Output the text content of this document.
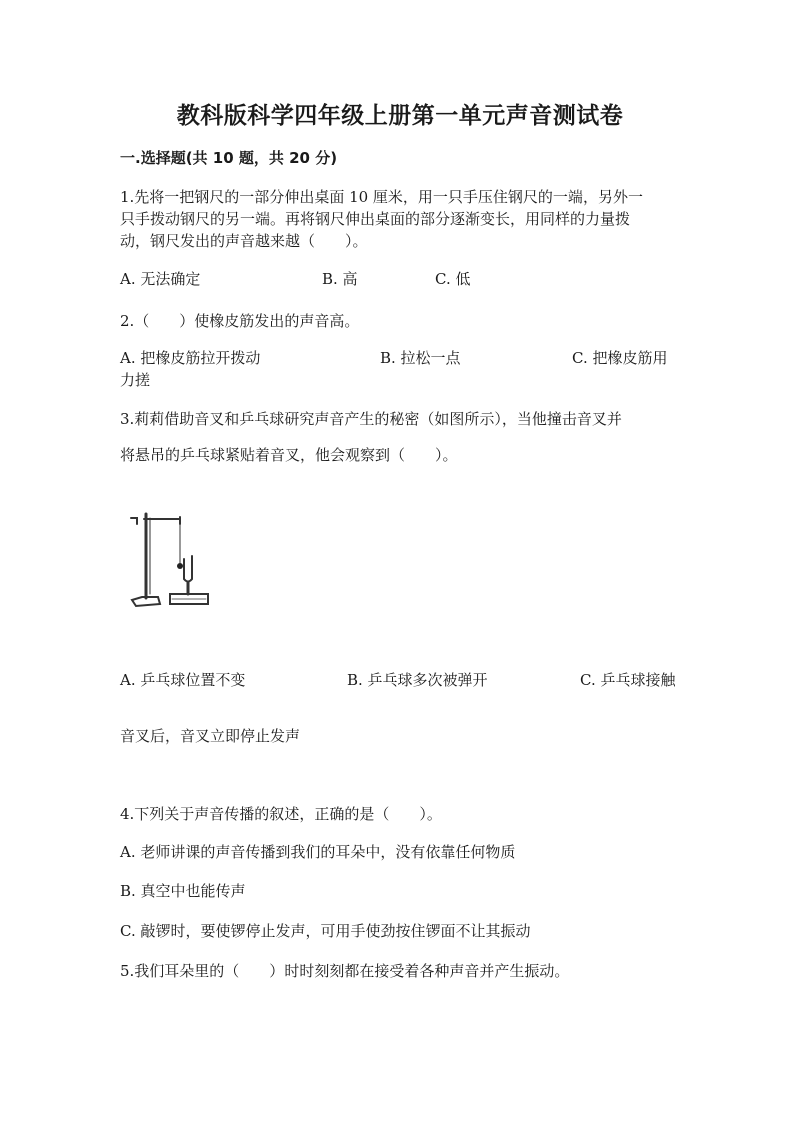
教科版科学四年级上册第一单元声音测试卷
一.选择题(共 10 题，共 20 分)
1.先将一把钢尺的一部分伸出桌面 10 厘米，用一只手压住钢尺的一端，另外一
只手拨动钢尺的另一端。再将钢尺伸出桌面的部分逐渐变长，用同样的力量拨
动，钢尺发出的声音越来越（　　）。
A. 无法确定	B. 高	C. 低
2.（　　）使橡皮筋发出的声音高。
A. 把橡皮筋拉开拨动	B. 拉松一点	C. 把橡皮筋用
力搓
3.莉莉借助音叉和乒乓球研究声音产生的秘密（如图所示），当他撞击音叉并
将悬吊的乒乓球紧贴着音叉，他会观察到（　　）。
A. 乒乓球位置不变	B. 乒乓球多次被弹开	C. 乒乓球接触
音叉后，音叉立即停止发声
4.下列关于声音传播的叙述，正确的是（　　）。
A. 老师讲课的声音传播到我们的耳朵中，没有依靠任何物质
B. 真空中也能传声
C. 敲锣时，要使锣停止发声，可用手使劲按住锣面不让其振动
5.我们耳朵里的（　　）时时刻刻都在接受着各种声音并产生振动。
